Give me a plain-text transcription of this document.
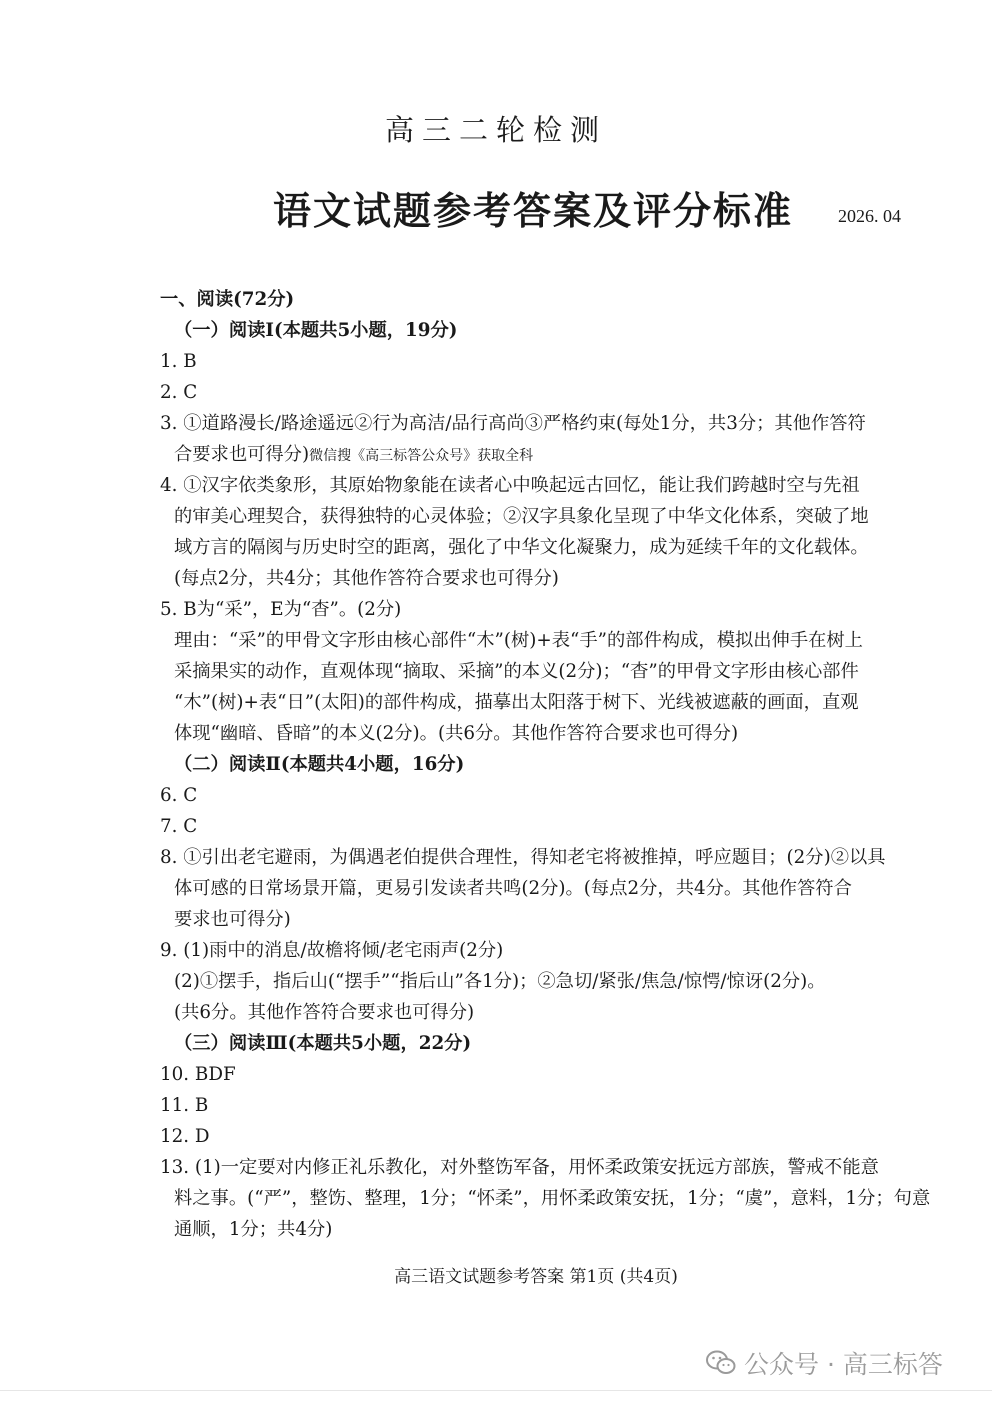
高三二轮检测
语文试题参考答案及评分标准	2026. 04
一、阅读(72分)
（一）阅读Ⅰ(本题共5小题，19分)
1. B
2. C
3. ①道路漫长/路途遥远②行为高洁/品行高尚③严格约束(每处1分，共3分；其他作答符
合要求也可得分)微信搜《高三标答公众号》获取全科
4. ①汉字依类象形，其原始物象能在读者心中唤起远古回忆，能让我们跨越时空与先祖
的审美心理契合，获得独特的心灵体验；②汉字具象化呈现了中华文化体系，突破了地
域方言的隔阂与历史时空的距离，强化了中华文化凝聚力，成为延续千年的文化载体。
(每点2分，共4分；其他作答符合要求也可得分)
5. B为“采”，E为“杳”。(2分)
理由：“采”的甲骨文字形由核心部件“木”(树)+表“手”的部件构成，模拟出伸手在树上
采摘果实的动作，直观体现“摘取、采摘”的本义(2分)；“杳”的甲骨文字形由核心部件
“木”(树)+表“日”(太阳)的部件构成，描摹出太阳落于树下、光线被遮蔽的画面，直观
体现“幽暗、昏暗”的本义(2分)。(共6分。其他作答符合要求也可得分)
（二）阅读Ⅱ(本题共4小题，16分)
6. C
7. C
8. ①引出老宅避雨，为偶遇老伯提供合理性，得知老宅将被推掉，呼应题目；(2分)②以具
体可感的日常场景开篇，更易引发读者共鸣(2分)。(每点2分，共4分。其他作答符合
要求也可得分)
9. (1)雨中的消息/故檐将倾/老宅雨声(2分)
(2)①摆手，指后山(“摆手”“指后山”各1分)；②急切/紧张/焦急/惊愕/惊讶(2分)。
(共6分。其他作答符合要求也可得分)
（三）阅读Ⅲ(本题共5小题，22分)
10. BDF
11. B
12. D
13. (1)一定要对内修正礼乐教化，对外整饬军备，用怀柔政策安抚远方部族，警戒不能意
料之事。(“严”，整饬、整理，1分；“怀柔”，用怀柔政策安抚，1分；“虞”，意料，1分；句意
通顺，1分；共4分)
高三语文试题参考答案 第1页 (共4页)
公众号 · 高三标答
